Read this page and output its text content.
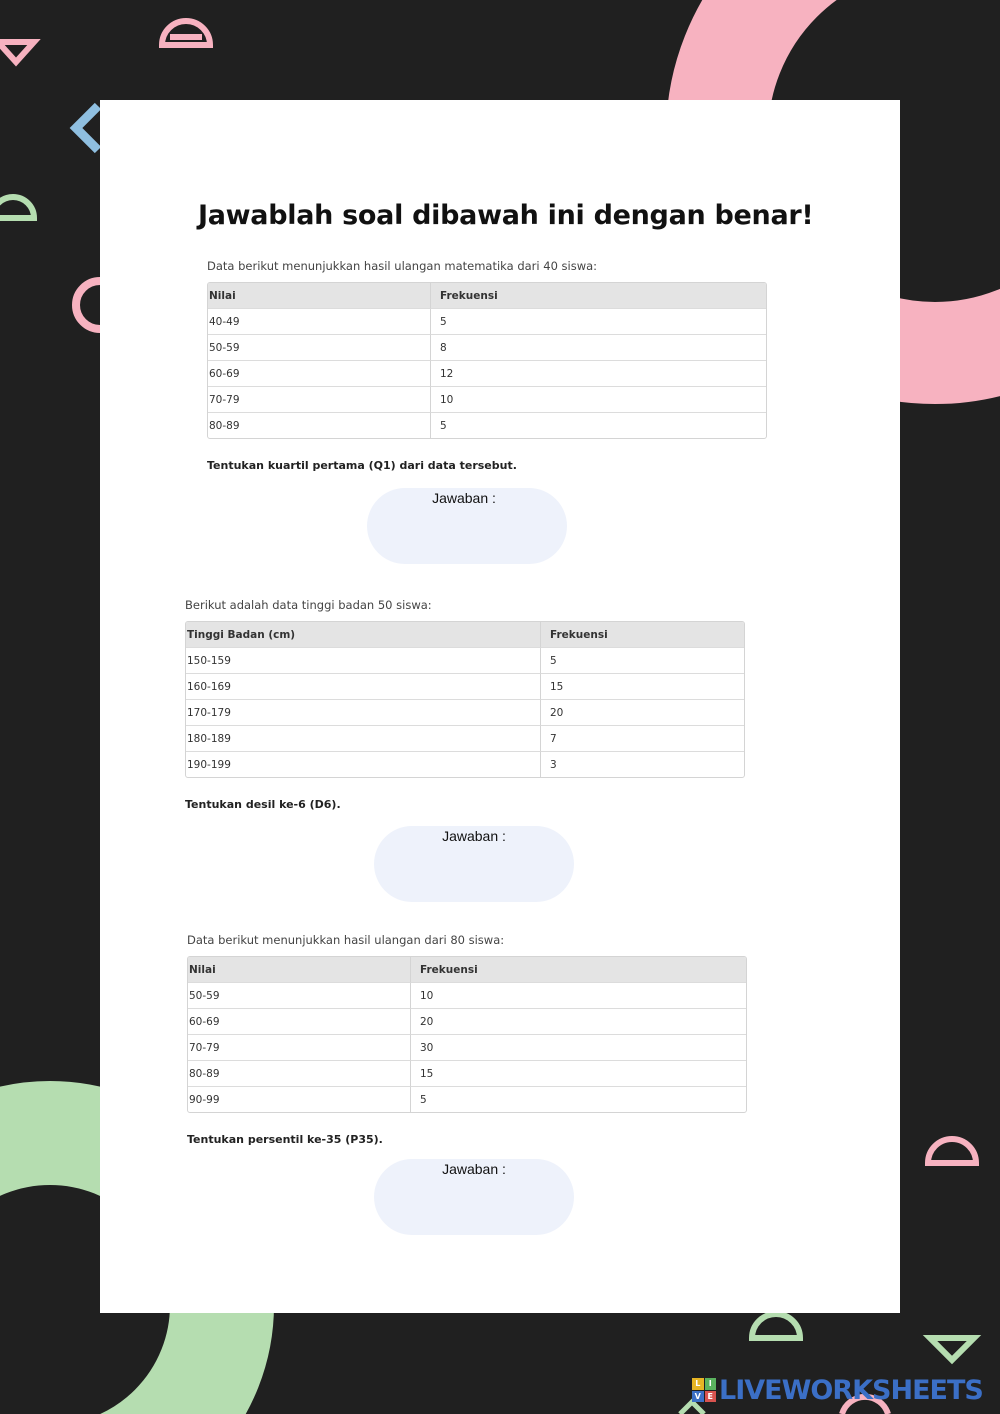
Jawablah soal dibawah ini dengan benar!
Data berikut menunjukkan hasil ulangan matematika dari 40 siswa:
Nilai	Frekuensi
40-49	5
50-59	8
60-69	12
70-79	10
80-89	5
Tentukan kuartil pertama (Q1) dari data tersebut.
Jawaban :
Berikut adalah data tinggi badan 50 siswa:
Tinggi Badan (cm)	Frekuensi
150-159	5
160-169	15
170-179	20
180-189	7
190-199	3
Tentukan desil ke-6 (D6).
Jawaban :
Data berikut menunjukkan hasil ulangan dari 80 siswa:
Nilai	Frekuensi
50-59	10
60-69	20
70-79	30
80-89	15
90-99	5
Tentukan persentil ke-35 (P35).
Jawaban :
L	I
V E LIVEWORKSHEETS
